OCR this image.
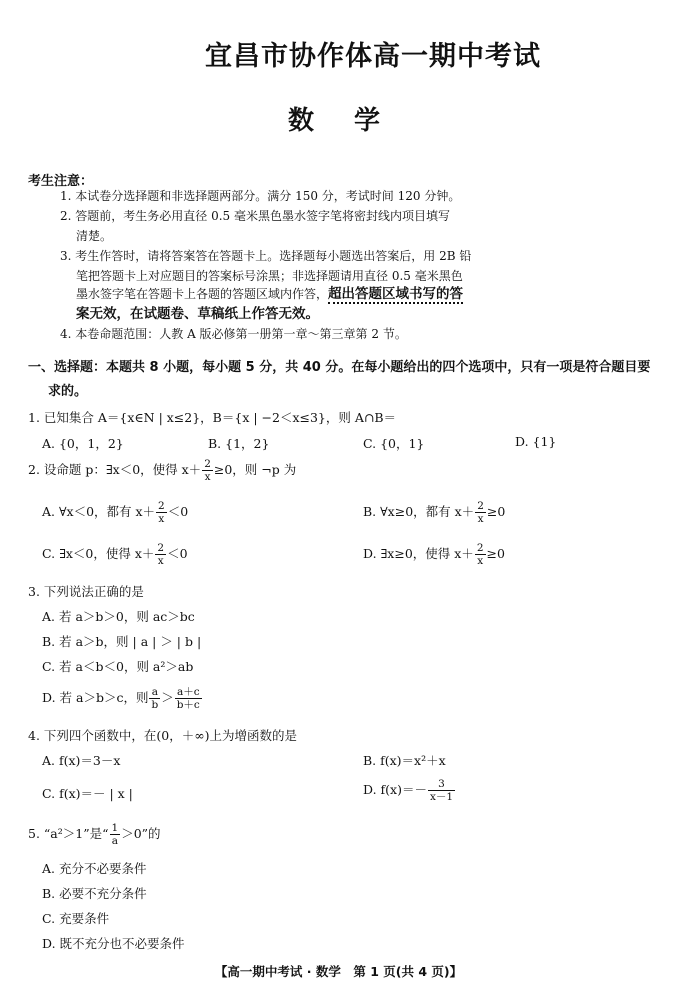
宜昌市协作体高一期中考试
数学
考生注意：
1. 本试卷分选择题和非选择题两部分。满分 150 分，考试时间 120 分钟。
2. 答题前，考生务必用直径 0.5 毫米黑色墨水签字笔将密封线内项目填写
清楚。
3. 考生作答时，请将答案答在答题卡上。选择题每小题选出答案后，用 2B 铅
笔把答题卡上对应题目的答案标号涂黑；非选择题请用直径 0.5 毫米黑色
墨水签字笔在答题卡上各题的答题区域内作答，超出答题区域书写的答
案无效，在试题卷、草稿纸上作答无效。
4. 本卷命题范围：人教 A 版必修第一册第一章～第三章第 2 节。
一、选择题：本题共 8 小题，每小题 5 分，共 40 分。在每小题给出的四个选项中，只有一项是符合题目要
求的。
1. 已知集合 A＝{x∈N | x≤2}，B＝{x | −2＜x≤3}，则 A∩B＝
A. {0，1，2}	B. {1，2}	C. {0，1}	D. {1}
2. 设命题 p：∃x＜0，使得 $x+ \frac{2}{x} \ge 0$，则 ¬p 为
A. ∀x＜0，都有 $x+ \frac{2}{x} <0$	B. ∀x≥0，都有 $x+ \frac{2}{x} \ge 0$
C. ∃x＜0，使得 $x+ \frac{2}{x} <0$	D. ∃x≥0，使得 $x+ \frac{2}{x} \ge 0$
3. 下列说法正确的是
A. 若 a＞b＞0，则 ac＞bc
B. 若 a＞b，则 | a | ＞ | b |
C. 若 a＜b＜0，则 a²＞ab
D. 若 a＞b＞c，则 $\frac{a}{b} > \frac{a+c}{b+c}$
4. 下列四个函数中，在(0，＋∞)上为增函数的是
A. f(x)＝3－x	B. f(x)＝x²＋x
C. f(x)＝－ | x |	D. $f(x)=- \frac{3}{x-1}$
5. “a²＞1”是“ $\frac{1}{a} >0$”的
A. 充分不必要条件
B. 必要不充分条件
C. 充要条件
D. 既不充分也不必要条件
【高一期中考试 · 数学　第 1 页(共 4 页)】
